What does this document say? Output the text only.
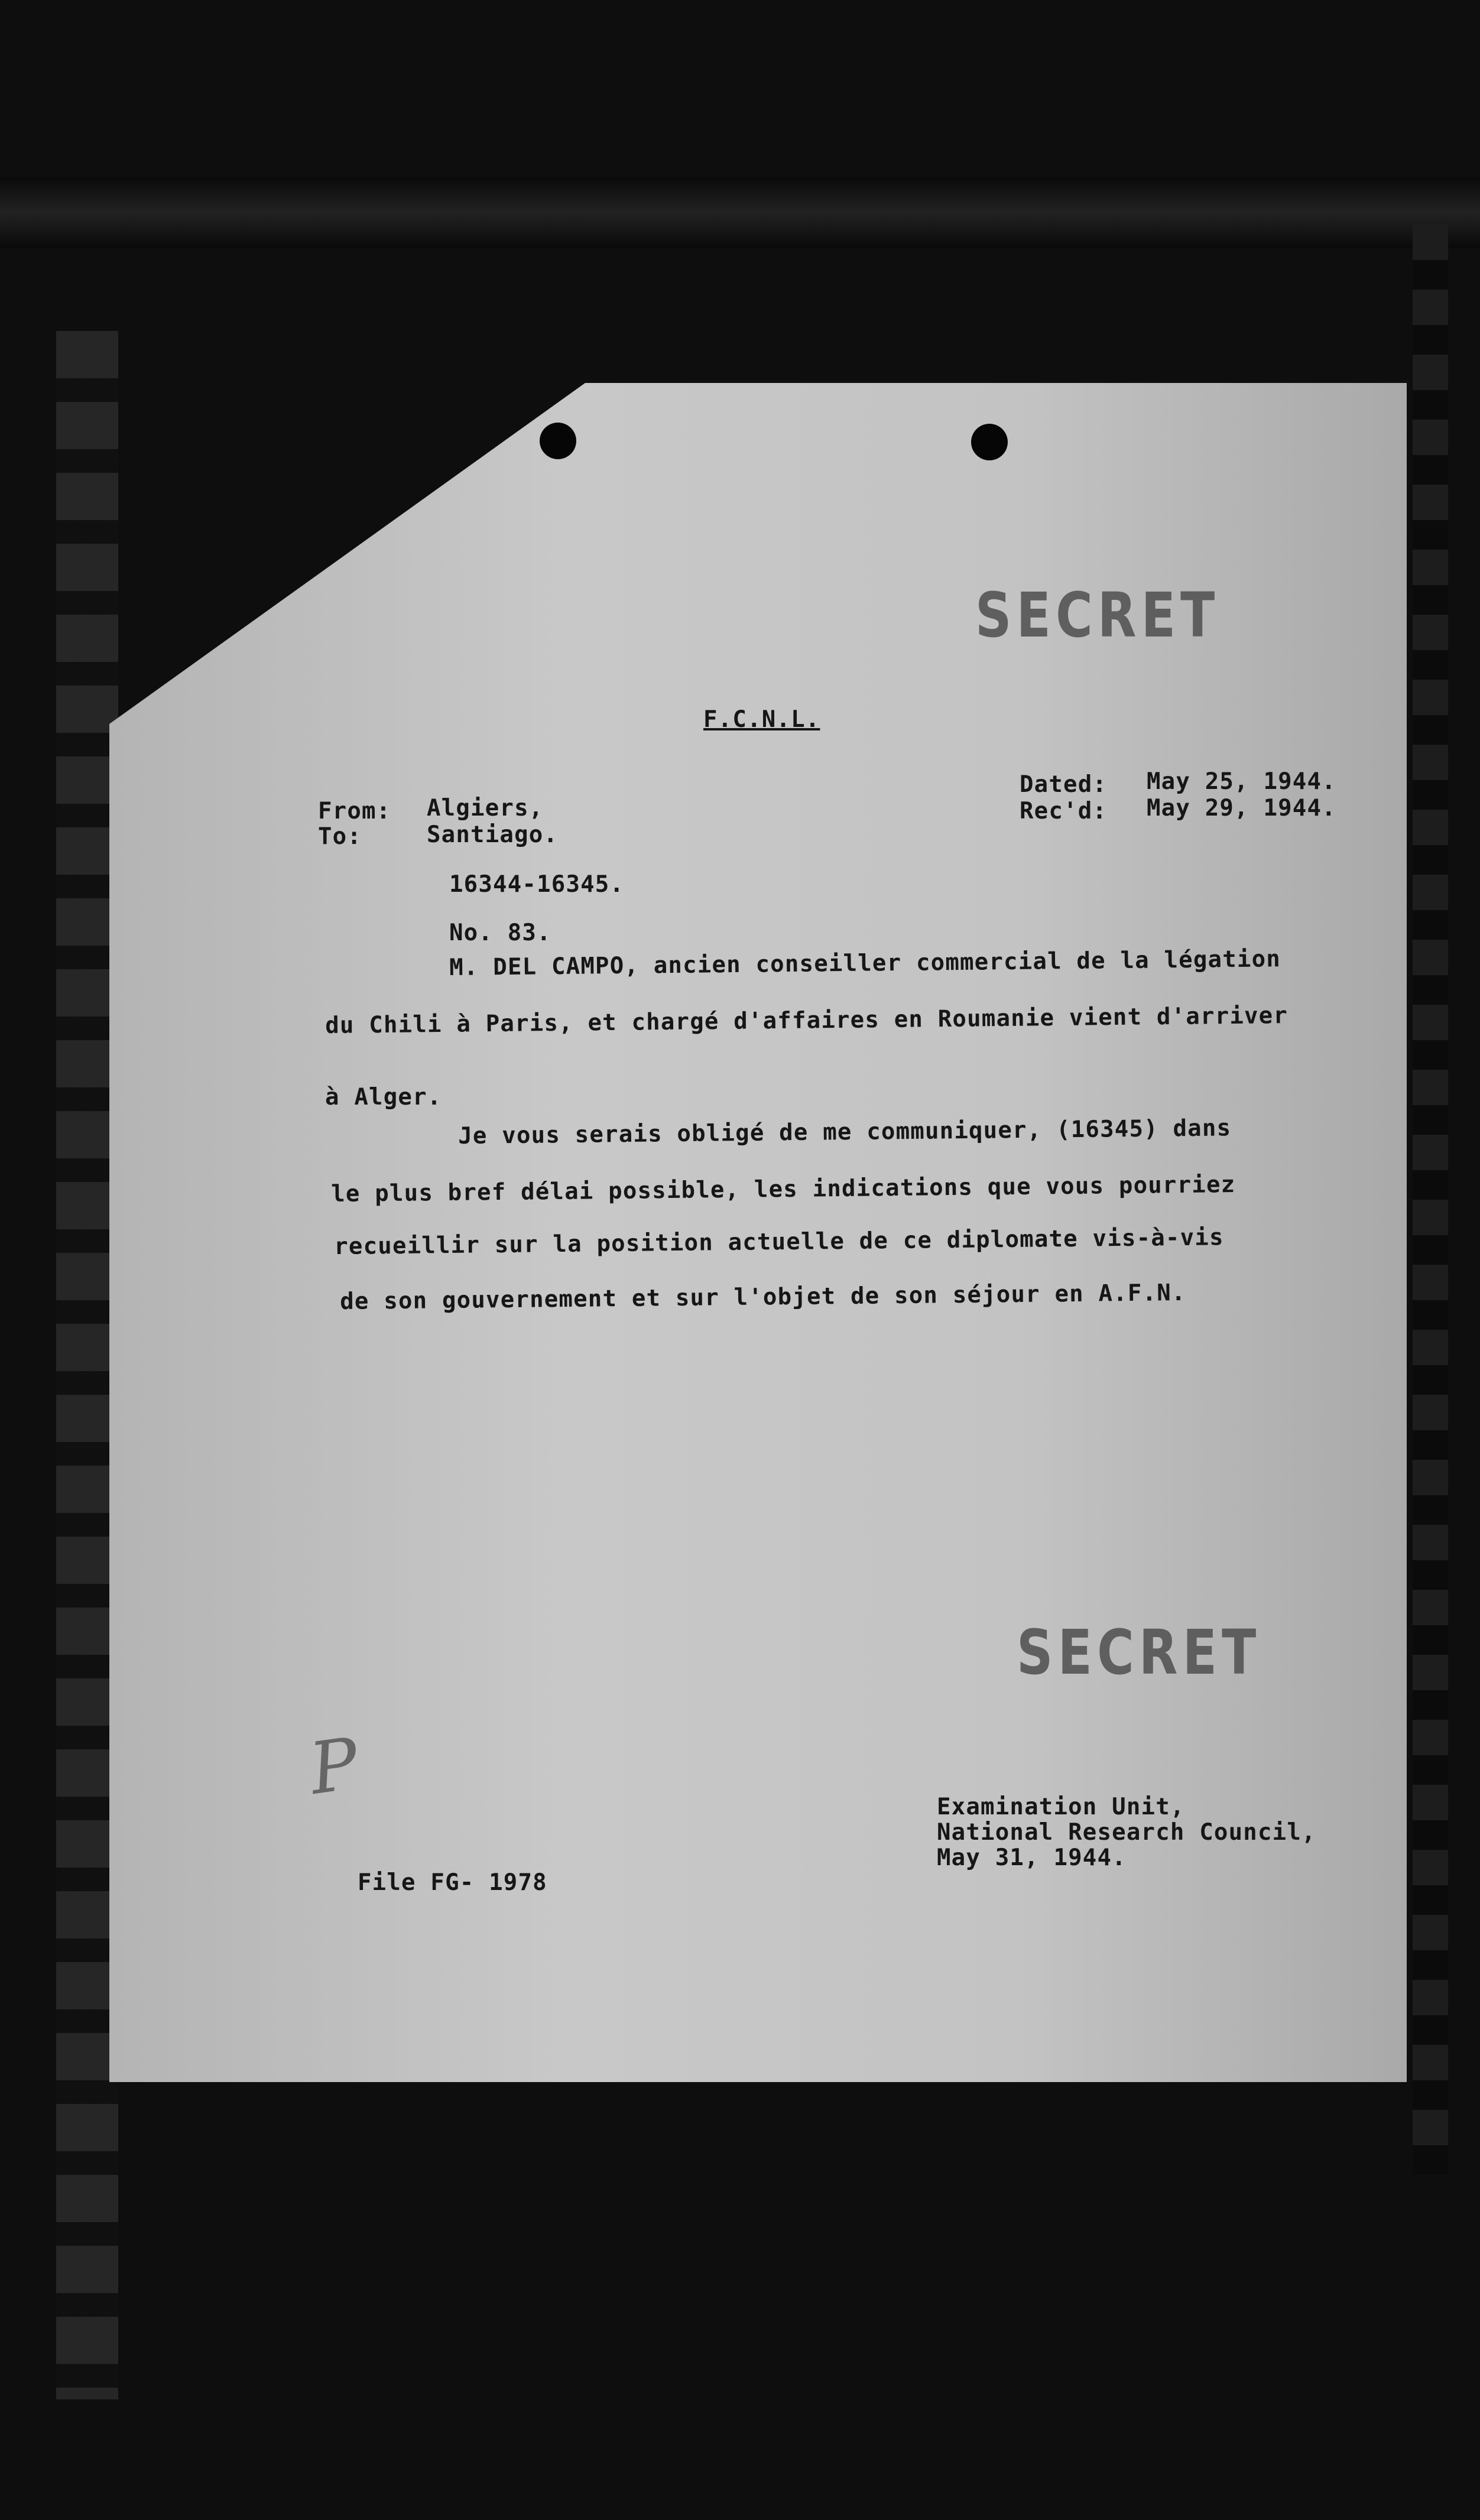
SECRET
F.C.N.L.
From: Algiers,
To:	Santiago.
Dated: May 25, 1944.
Rec'd: May 29, 1944.
16344-16345.
No. 83.
M. DEL CAMPO, ancien conseiller commercial de la légation
du Chili à Paris, et chargé d'affaires en Roumanie vient d'arriver
à Alger.
Je vous serais obligé de me communiquer, (16345) dans
le plus bref délai possible, les indications que vous pourriez
recueillir sur la position actuelle de ce diplomate vis-à-vis
de son gouvernement et sur l'objet de son séjour en A.F.N.
SECRET
P	Examination Unit,
National Research Council,
May 31, 1944.
File FG- 1978
